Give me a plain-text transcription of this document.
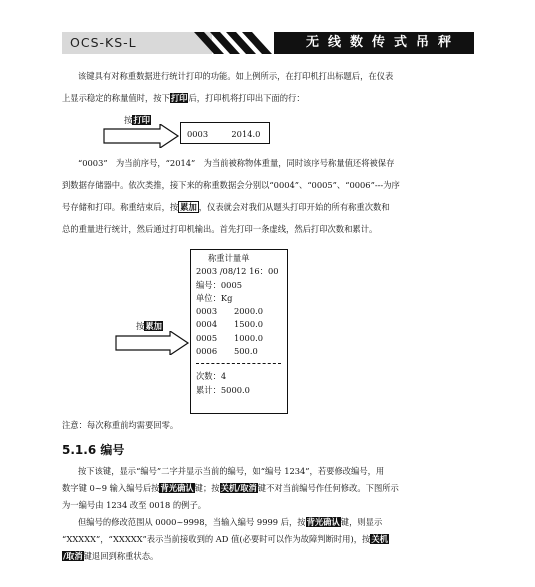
OCS-KS-L	无线数传式吊秤
该键具有对称重数据进行统计打印的功能。如上例所示，在打印机打出标题后，在仪表
上显示稳定的称量值时，按下打印后，打印机将打印出下面的行：
按打印
0003	2014.0
“0003”　为当前序号，“2014”　为当前被称物体重量，同时该序号称量值还将被保存
到数据存储器中。依次类推，接下来的称重数据会分别以“0004”、“0005”、“0006”---为序
号存储和打印。称重结束后，按 累加 ，仪表就会对我们从题头打印开始的所有称重次数和
总的重量进行统计，然后通过打印机输出。首先打印一条虚线，然后打印次数和累计。
称重计量单
2003 /08/12 16：00
编号：0005
单位：Kg
0003 2000.0
0004 1500.0
0005 1000.0
0006 500.0
次数：4
累计：5000.0
按累加
注意：每次称重前均需要回零。
5.1.6 编号
按下该键，显示“编号”二字并显示当前的编号，如“编号 1234”，若要修改编号，用
数字键 0~9 输入编号后按背光确认键；按关机/取消键不对当前编号作任何修改。下图所示
为一编号由 1234 改至 0018 的例子。
但编号的修改范围从 0000~9998，当输入编号 9999 后，按背光确认键，则显示
“XXXXX”，“XXXXX”表示当前接收到的 AD 值(必要时可以作为故障判断时用)，按关机
/取消键退回到称重状态。
